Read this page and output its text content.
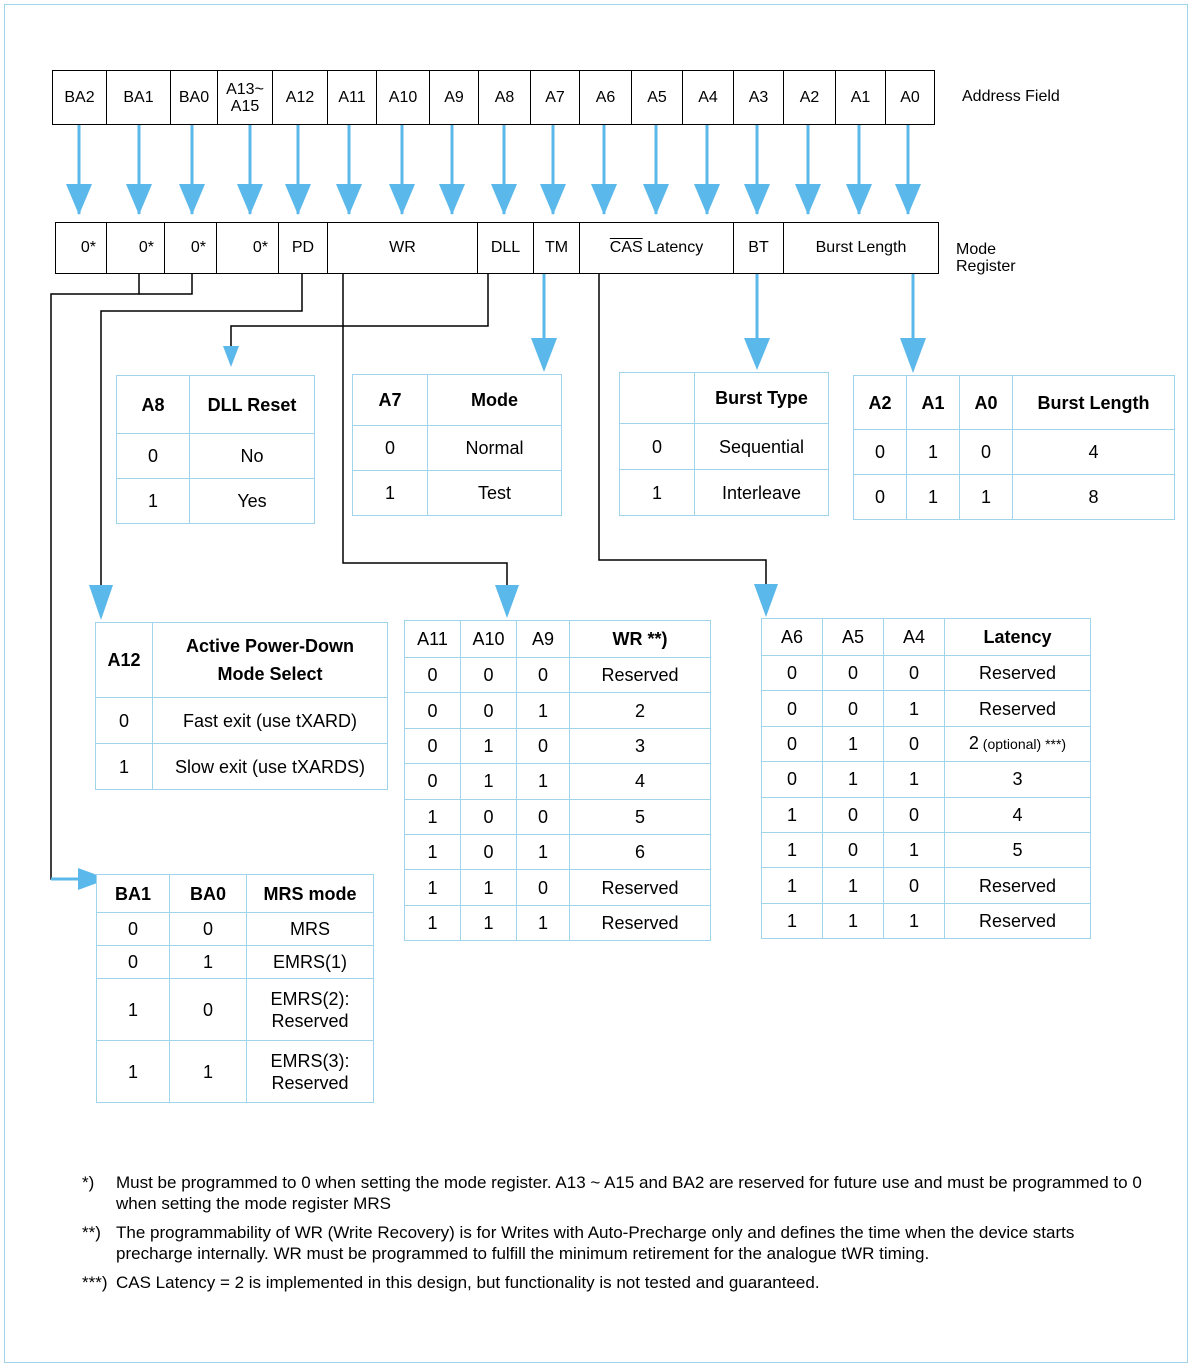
BA2	BA1	BA0	A13~
A15
A12	A11	A10	A9	A8	A7	A6	A5	A4	A3	A2	A1	A0	Address Field
0*	0*	0*	0*	PD	WR	DLL	TM	$\overline{CAS}$ Latency	BT	Burst Length	Mode
Register
A8	DLL Reset
0	No
1	Yes
A7	Mode
0	Normal
1	Test
	Burst Type
0	Sequential
1	Interleave
A2	A1	A0	Burst Length
0	1	0	4
0	1	1	8
A12	Active Power-Down
Mode Select
0	Fast exit (use tXARD)
1	Slow exit (use tXARDS)
A11	A10	A9	WR **)
0	0	0	Reserved
0	0	1	2
0	1	0	3
0	1	1	4
1	0	0	5
1	0	1	6
1	1	0	Reserved
1	1	1	Reserved
A6	A5	A4	Latency
0	0	0	Reserved
0	0	1	Reserved
0	1	0	2 (optional) ***)
0	1	1	3
1	0	0	4
1	0	1	5
1	1	0	Reserved
1	1	1	Reserved
BA1	BA0	MRS mode
0	0	MRS
0	1	EMRS(1)
1	0	EMRS(2):
Reserved
1	1	EMRS(3):
Reserved
*) Must be programmed to 0 when setting the mode register. A13 ~ A15 and BA2 are reserved for future use and must be programmed to 0 when setting the mode register MRS
**) The programmability of WR (Write Recovery) is for Writes with Auto-Precharge only and defines the time when the device starts precharge internally. WR must be programmed to fulfill the minimum retirement for the analogue tWR timing.
***) CAS Latency = 2 is implemented in this design, but functionality is not tested and guaranteed.
